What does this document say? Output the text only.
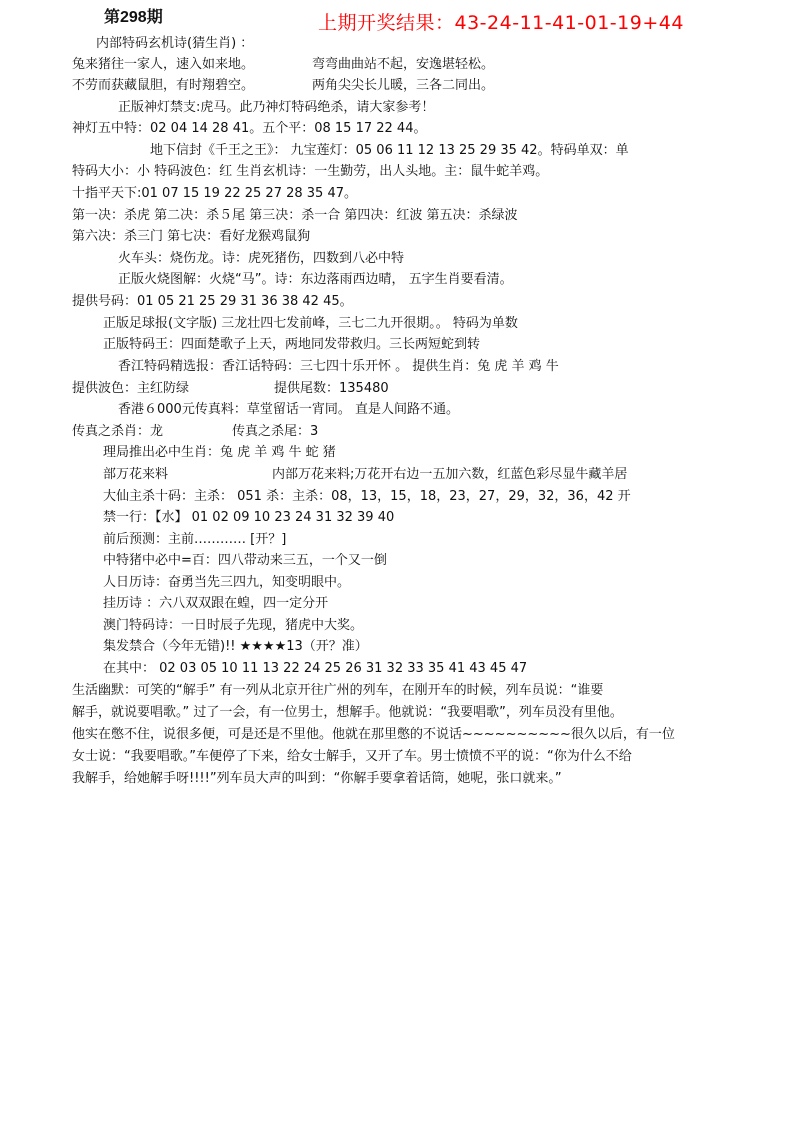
第298期	上期开奖结果：43-24-11-41-01-19+44
内部特码玄机诗(猜生肖) ：
兔来猪往一家人，速入如来地。	弯弯曲曲站不起，安逸堪轻松。
不劳而获藏鼠胆，有时翔碧空。	两角尖尖长儿暖，三各二同出。
正版神灯禁支:虎马。此乃神灯特码绝杀，请大家参考！
神灯五中特：02 04 14 28 41。五个平：08 15 17 22 44。
地下信封《千王之王》： 九宝莲灯：05 06 11 12 13 25 29 35 42。特码单双：单
特码大小：小 特码波色：红 生肖玄机诗：一生勤劳，出人头地。主：鼠牛蛇羊鸡。
十指平天下:01 07 15 19 22 25 27 28 35 47。
第一决：杀虎 第二决：杀５尾 第三决：杀一合 第四决：红波 第五决：杀绿波
第六决：杀三门 第七决：看好龙猴鸡鼠狗
火车头：烧伤龙。诗：虎死猪伤，四数到八必中特
正版火烧图解：火烧“马”。诗：东边落雨西边晴， 五字生肖要看清。
提供号码：01 05 21 25 29 31 36 38 42 45。
正版足球报(文字版) 三龙壮四七发前峰，三七二九开很期。。 特码为单数
正版特码王：四面楚歌子上天，两地同发带救归。三长两短蛇到转
香江特码精选报：香江话特码：三七四十乐开怀 。 提供生肖：兔 虎 羊 鸡 牛
提供波色：主红防绿	提供尾数：135480
香港６000元传真料：草堂留话一宵同。 直是人间路不通。
传真之杀肖：龙	传真之杀尾：3
理局推出必中生肖：兔 虎 羊 鸡 牛 蛇 猪
部万花来料	内部万花来料;万花开右边一五加六数，红蓝色彩尽显牛藏羊居
大仙主杀十码：主杀： 051 杀：主杀：08，13，15，18，23，27，29，32，36，42 开
禁一行：【水】 01 02 09 10 23 24 31 32 39 40
前后预测：主前………… [开？]
中特猪中必中=百：四八带动来三五，一个又一倒
人日历诗：奋勇当先三四九，知变明眼中。
挂历诗 ：六八双双跟在蝗，四一定分开
澳门特码诗：一日时辰子先现，猪虎中大奖。
集发禁合（今年无错)!! ★★★★13（开？准）
在其中： 02 03 05 10 11 13 22 24 25 26 31 32 33 35 41 43 45 47
生活幽默：可笑的“解手” 有一列从北京开往广州的列车，在刚开车的时候，列车员说：“谁要
解手，就说要唱歌。” 过了一会，有一位男士，想解手。他就说：“我要唱歌”，列车员没有里他。
他实在憋不住，说很多便，可是还是不里他。他就在那里憋的不说话~~~~~~~~~~很久以后，有一位
女士说：“我要唱歌。”车便停了下来，给女士解手，又开了车。男士愤愤不平的说：“你为什么不给
我解手，给她解手呀!!!!”列车员大声的叫到：“你解手要拿着话筒，她呢，张口就来。”
